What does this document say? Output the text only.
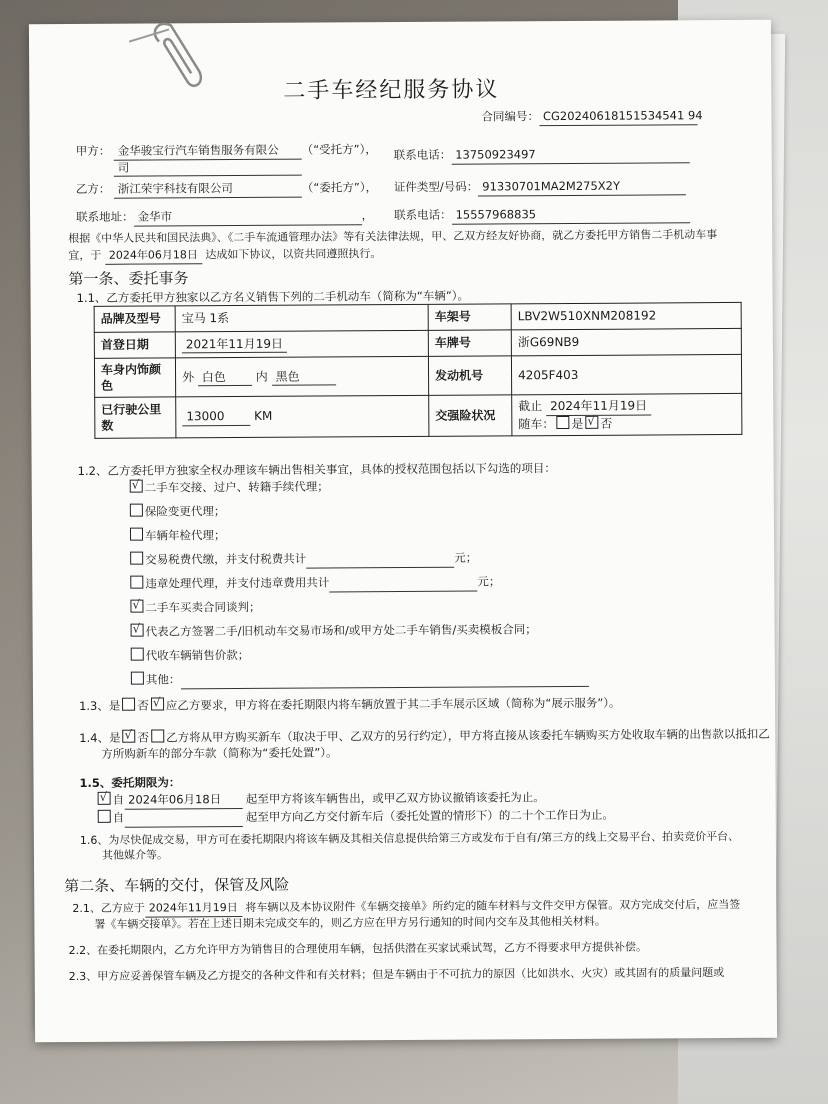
二手车经纪服务协议
合同编号： CG20240618151534541 94
甲方： 金华骏宝行汽车销售服务有限公
司
（“受托方”）， 联系电话： 13750923497
乙方： 浙江荣宇科技有限公司	（“委托方”）， 证件类型/号码： 91330701MA2M275X2Y
联系地址： 金华市	， 联系电话： 15557968835
根据《中华人民共和国民法典》、《二手车流通管理办法》等有关法律法规，甲、乙双方经友好协商，就乙方委托甲方销售二手机动车事
宜，于 2024年06月18日 达成如下协议，以资共同遵照执行。
第一条、委托事务
1.1、乙方委托甲方独家以乙方名义销售下列的二手机动车（简称为“车辆”）。
品牌及型号	宝马 1系	车架号	LBV2W510XNM208192
首登日期	2021年11月19日	车牌号	浙G69NB9
车身内饰颜色	外 白色 内 黑色	发动机号	4205F403
已行驶公里数	13000 KM	交强险状况	截止 2024年11月19日
随车： 是 √ 否
1.2、乙方委托甲方独家全权办理该车辆出售相关事宜，具体的授权范围包括以下勾选的项目：
√二手车交接、过户、转籍手续代理；
保险变更代理；
车辆年检代理；
交易税费代缴，并支付税费共计	元；
违章处理代理，并支付违章费用共计	元；
√二手车买卖合同谈判；
√代表乙方签署二手/旧机动车交易市场和/或甲方处二手车销售/买卖模板合同；
代收车辆销售价款；
其他：
1.3、是 否 √ 应乙方要求，甲方将在委托期限内将车辆放置于其二手车展示区域（简称为“展示服务”）。
1.4、是 √ 否 乙方将从甲方购买新车（取决于甲、乙双方的另行约定），甲方将直接从该委托车辆购买方处收取车辆的出售款以抵扣乙
方所购新车的部分车款（简称为“委托处置”）。
1.5、委托期限为：
√自 2024年06月18日 起至甲方将该车辆售出，或甲乙双方协议撤销该委托为止。
自	起至甲方向乙方交付新车后（委托处置的情形下）的二十个工作日为止。
1.6、为尽快促成交易，甲方可在委托期限内将该车辆及其相关信息提供给第三方或发布于自有/第三方的线上交易平台、拍卖竞价平台、
其他媒介等。
第二条、车辆的交付，保管及风险
2.1、乙方应于 2024年11月19日 将车辆以及本协议附件《车辆交接单》所约定的随车材料与文件交甲方保管。双方完成交付后，应当签
署《车辆交接单》。若在上述日期未完成交车的，则乙方应在甲方另行通知的时间内交车及其他相关材料。
2.2、在委托期限内，乙方允许甲方为销售目的合理使用车辆，包括供潜在买家试乘试驾，乙方不得要求甲方提供补偿。
2.3、甲方应妥善保管车辆及乙方提交的各种文件和有关材料；但是车辆由于不可抗力的原因（比如洪水、火灾）或其固有的质量问题或
